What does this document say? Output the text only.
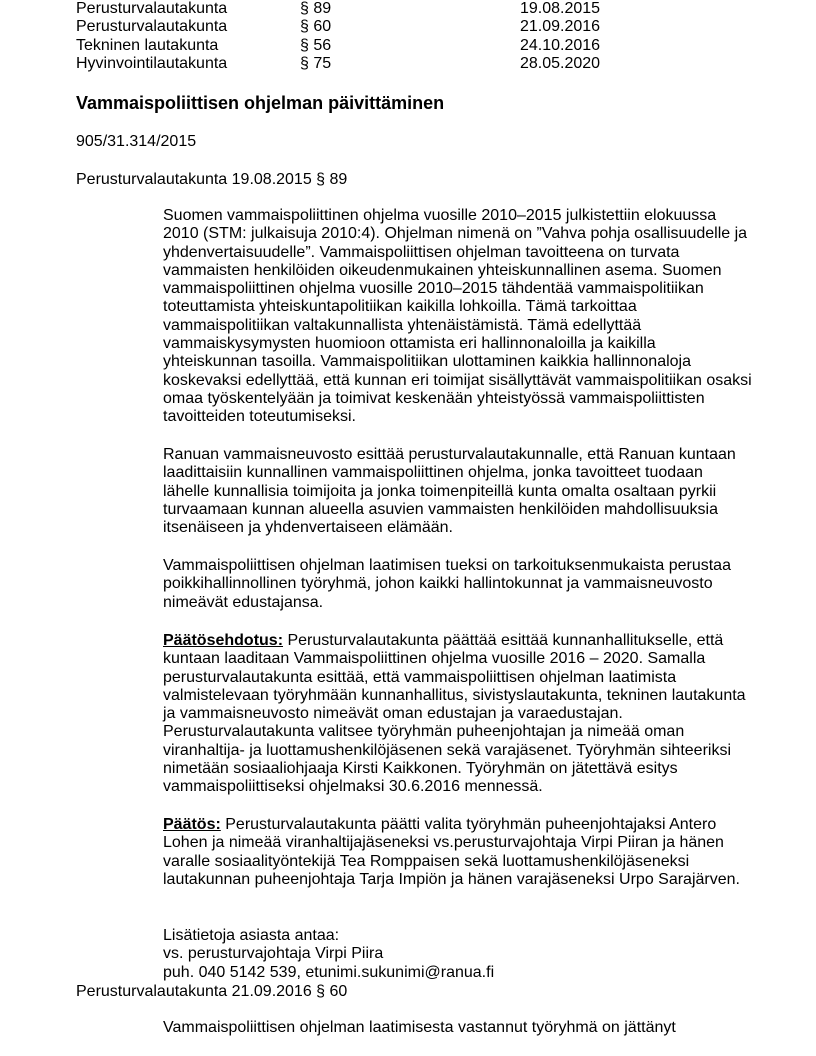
Perusturvalautakunta	§ 89	19.08.2015
Perusturvalautakunta	§ 60	21.09.2016
Tekninen lautakunta	§ 56	24.10.2016
Hyvinvointilautakunta	§ 75	28.05.2020
Vammaispoliittisen ohjelman päivittäminen
905/31.314/2015
Perusturvalautakunta 19.08.2015 § 89

Suomen vammaispoliittinen ohjelma vuosille 2010–2015 julkistettiin elokuussa 2010 (STM: julkaisuja 2010:4). Ohjelman nimenä on ”Vahva pohja osallisuudelle ja yhdenvertaisuudelle”. Vammaispoliittisen ohjelman tavoitteena on turvata vammaisten henkilöiden oikeudenmukainen yhteiskunnallinen asema. Suomen vammaispoliittinen ohjelma vuosille 2010–2015 tähdentää vammaispolitiikan toteuttamista yhteiskuntapolitiikan kaikilla lohkoilla. Tämä tarkoittaa vammaispolitiikan valtakunnallista yhtenäistämistä. Tämä edellyttää vammaiskysymysten huomioon ottamista eri hallinnonaloilla ja kaikilla yhteiskunnan tasoilla. Vammaispolitiikan ulottaminen kaikkia hallinnonaloja koskevaksi edellyttää, että kunnan eri toimijat sisällyttävät vammaispolitiikan osaksi omaa työskentelyään ja toimivat keskenään yhteistyössä vammaispoliittisten tavoitteiden toteutumiseksi.

Ranuan vammaisneuvosto esittää perusturvalautakunnalle, että Ranuan kuntaan laadittaisiin kunnallinen vammaispoliittinen ohjelma, jonka tavoitteet tuodaan lähelle kunnallisia toimijoita ja jonka toimenpiteillä kunta omalta osaltaan pyrkii turvaamaan kunnan alueella asuvien vammaisten henkilöiden mahdollisuuksia itsenäiseen ja yhdenvertaiseen elämään.

Vammaispoliittisen ohjelman laatimisen tueksi on tarkoituksenmukaista perustaa poikkihallinnollinen työryhmä, johon kaikki hallintokunnat ja vammaisneuvosto nimeävät edustajansa.

Päätösehdotus: Perusturvalautakunta päättää esittää kunnanhallitukselle, että kuntaan laaditaan Vammaispoliittinen ohjelma vuosille 2016 – 2020. Samalla perusturvalautakunta esittää, että vammaispoliittisen ohjelman laatimista valmistelevaan työryhmään kunnanhallitus, sivistyslautakunta, tekninen lautakunta ja vammaisneuvosto nimeävät oman edustajan ja varaedustajan. Perusturvalautakunta valitsee työryhmän puheenjohtajan ja nimeää oman viranhaltija- ja luottamushenkilöjäsenen sekä varajäsenet. Työryhmän sihteeriksi nimetään sosiaaliohjaaja Kirsti Kaikkonen. Työryhmän on jätettävä esitys vammaispoliittiseksi ohjelmaksi 30.6.2016 mennessä.

Päätös: Perusturvalautakunta päätti valita työryhmän puheenjohtajaksi Antero Lohen ja nimeää viranhaltijajäseneksi vs.perusturvajohtaja Virpi Piiran ja hänen varalle sosiaalityöntekijä Tea Romppaisen sekä luottamushenkilöjäseneksi lautakunnan puheenjohtaja Tarja Impiön ja hänen varajäseneksi Urpo Sarajärven.

Lisätietoja asiasta antaa:

vs. perusturvajohtaja Virpi Piira

puh. 040 5142 539, etunimi.sukunimi@ranua.fi

Perusturvalautakunta 21.09.2016 § 60

Vammaispoliittisen ohjelman laatimisesta vastannut työryhmä on jättänyt
